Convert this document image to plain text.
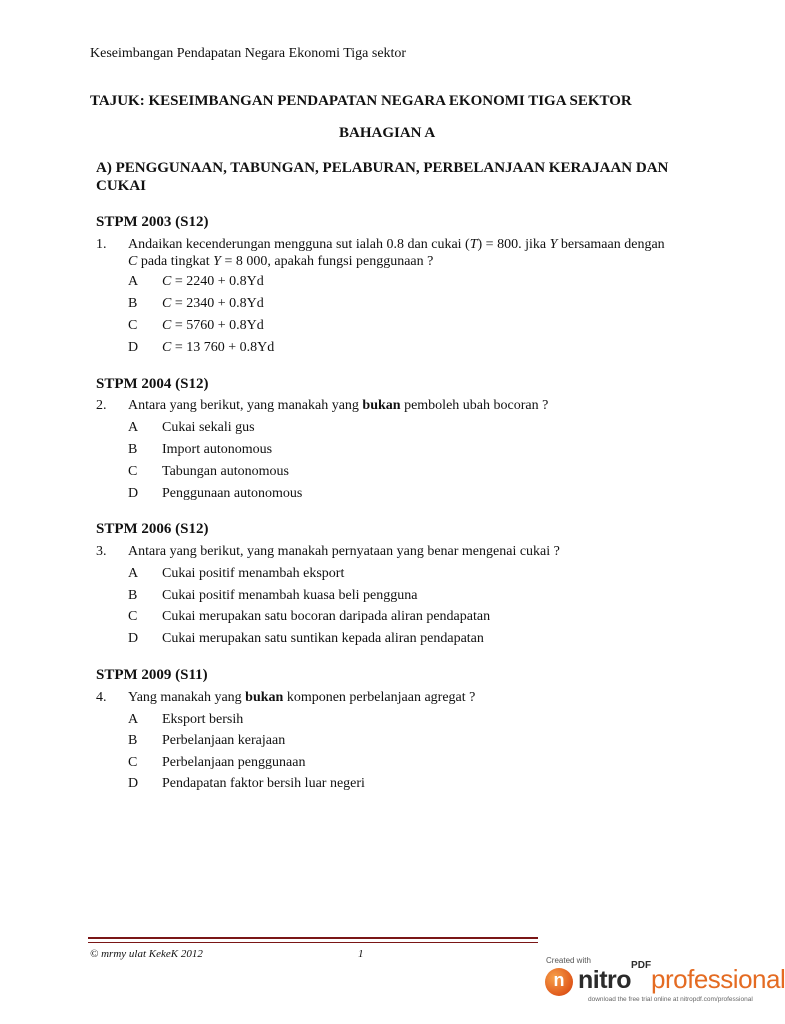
Keseimbangan Pendapatan Negara Ekonomi Tiga sektor
TAJUK: KESEIMBANGAN PENDAPATAN NEGARA EKONOMI TIGA SEKTOR
BAHAGIAN A
A) PENGGUNAAN, TABUNGAN, PELABURAN, PERBELANJAAN KERAJAAN DAN
CUKAI
STPM 2003 (S12)
1. Andaikan kecenderungan mengguna sut ialah 0.8 dan cukai (T) = 800. jika Y bersamaan dengan
C pada tingkat Y = 8 000, apakah fungsi penggunaan ?
A C = 2240 + 0.8Yd
B C = 2340 + 0.8Yd
C C = 5760 + 0.8Yd
D C = 13 760 + 0.8Yd
STPM 2004 (S12)
2. Antara yang berikut, yang manakah yang bukan pemboleh ubah bocoran ?
A Cukai sekali gus
B Import autonomous
C Tabungan autonomous
D Penggunaan autonomous
STPM 2006 (S12)
3. Antara yang berikut, yang manakah pernyataan yang benar mengenai cukai ?
A Cukai positif menambah eksport
B Cukai positif menambah kuasa beli pengguna
C Cukai merupakan satu bocoran daripada aliran pendapatan
D Cukai merupakan satu suntikan kepada aliran pendapatan
STPM 2009 (S11)
4. Yang manakah yang bukan komponen perbelanjaan agregat ?
A Eksport bersih
B Perbelanjaan kerajaan
C Perbelanjaan penggunaan
D Pendapatan faktor bersih luar negeri
© mrmy ulat KekeK 2012	1
Created with
n nitro$^{PDF}$professional
download the free trial online at nitropdf.com/professional
